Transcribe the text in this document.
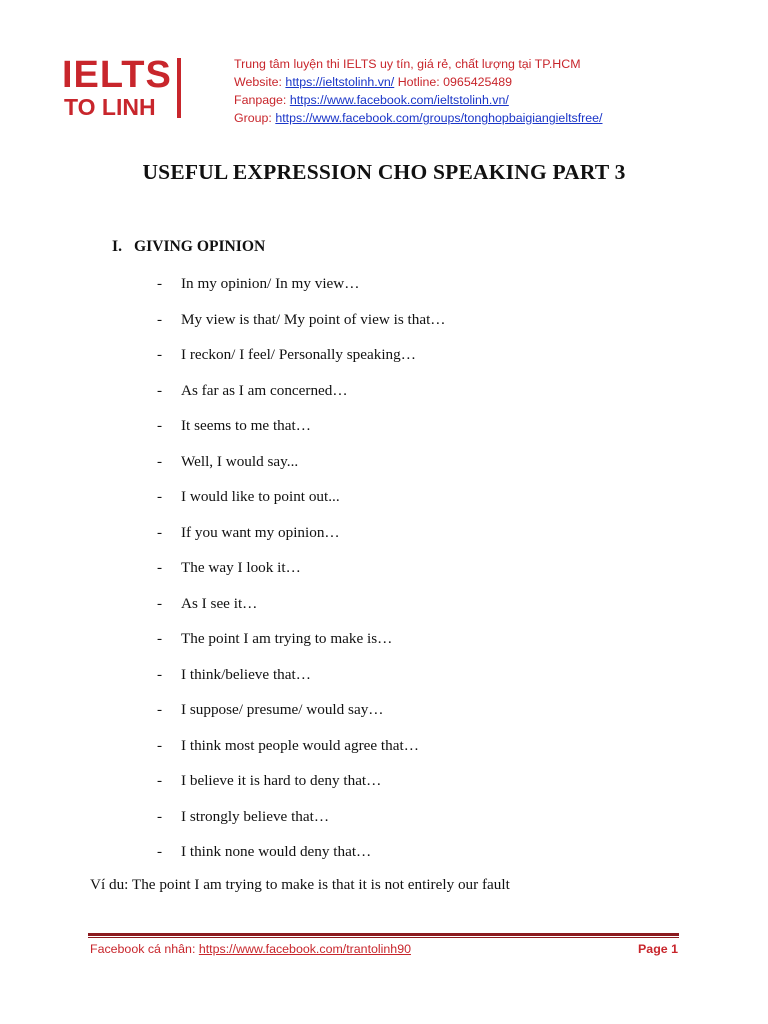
IELTS
TO LINH
Trung tâm luyện thi IELTS uy tín, giá rẻ, chất lượng tại TP.HCM
Website: https://ieltstolinh.vn/ Hotline: 0965425489
Fanpage: https://www.facebook.com/ieltstolinh.vn/
Group: https://www.facebook.com/groups/tonghopbaigiangieltsfree/
USEFUL EXPRESSION CHO SPEAKING PART 3
I. GIVING OPINION
- In my opinion/ In my view…
- My view is that/ My point of view is that…
- I reckon/ I feel/ Personally speaking…
- As far as I am concerned…
- It seems to me that…
- Well, I would say...
- I would like to point out...
- If you want my opinion…
- The way I look it…
- As I see it…
- The point I am trying to make is…
- I think/believe that…
- I suppose/ presume/ would say…
- I think most people would agree that…
- I believe it is hard to deny that…
- I strongly believe that…
- I think none would deny that…
Ví du: The point I am trying to make is that it is not entirely our fault
Facebook cá nhân: https://www.facebook.com/trantolinh90	Page 1
